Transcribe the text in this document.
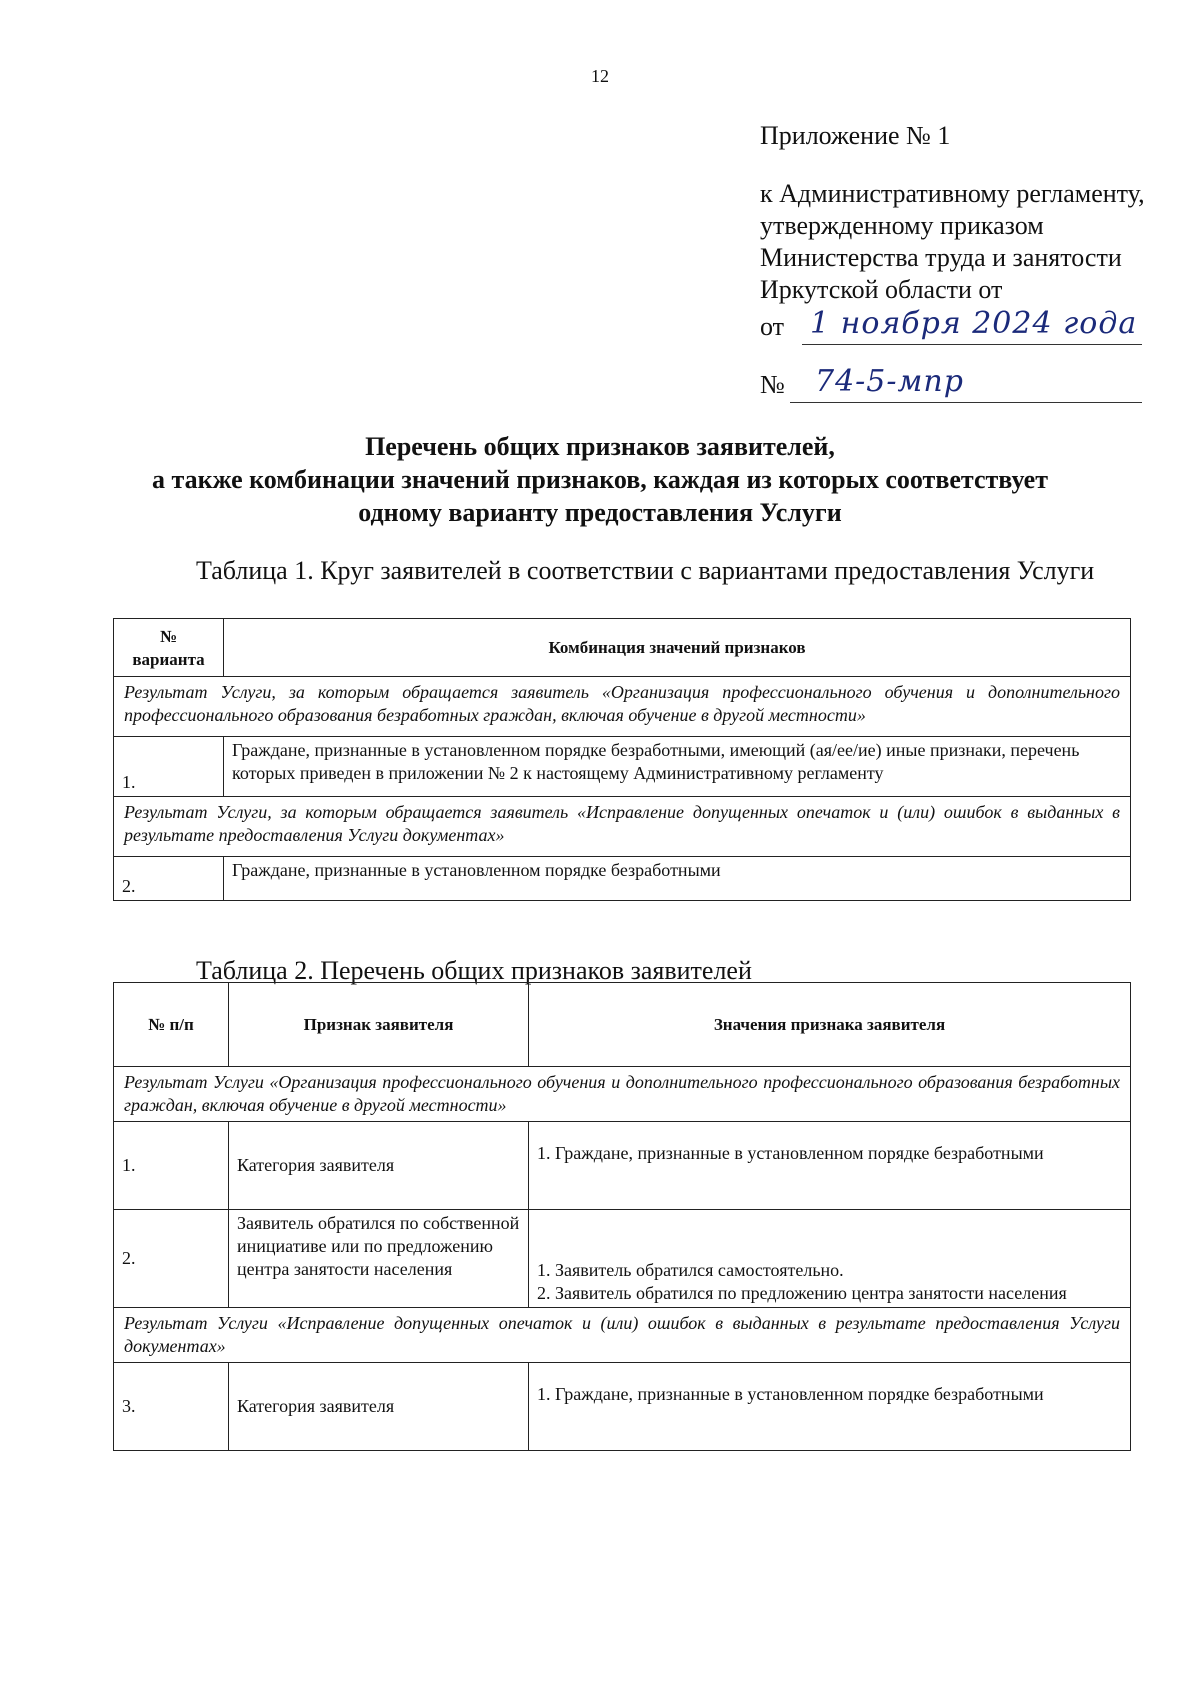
12
Приложение № 1
к Административному регламенту, утвержденному приказом Министерства труда и занятости Иркутской области от
от 1 ноября 2024 года
№ 74-5-мпр
Перечень общих признаков заявителей,
а также комбинации значений признаков, каждая из которых соответствует
одному варианту предоставления Услуги
Таблица 1. Круг заявителей в соответствии с вариантами предоставления Услуги
№ варианта	Комбинация значений признаков
Результат Услуги, за которым обращается заявитель «Организация профессионального обучения и дополнительного профессионального образования безработных граждан, включая обучение в другой местности»	
1.	Граждане, признанные в установленном порядке безработными, имеющий (ая/ее/ие) иные признаки, перечень которых приведен в приложении № 2 к настоящему Административному регламенту
Результат Услуги, за которым обращается заявитель «Исправление допущенных опечаток и (или) ошибок в выданных в результате предоставления Услуги документах»	
2.	Граждане, признанные в установленном порядке безработными
Таблица 2. Перечень общих признаков заявителей
№ п/п	Признак заявителя	Значения признака заявителя
Результат Услуги «Организация профессионального обучения и дополнительного профессионального образования безработных граждан, включая обучение в другой местности»		
1.	Категория заявителя	1. Граждане, признанные в установленном порядке безработными
2.	Заявитель обратился по собственной инициативе или по предложению центра занятости населения	1. Заявитель обратился самостоятельно.
2. Заявитель обратился по предложению центра занятости населения

Результат Услуги «Исправление допущенных опечаток и (или) ошибок в выданных в результате предоставления Услуги документах»		
3.	Категория заявителя	1. Граждане, признанные в установленном порядке безработными
